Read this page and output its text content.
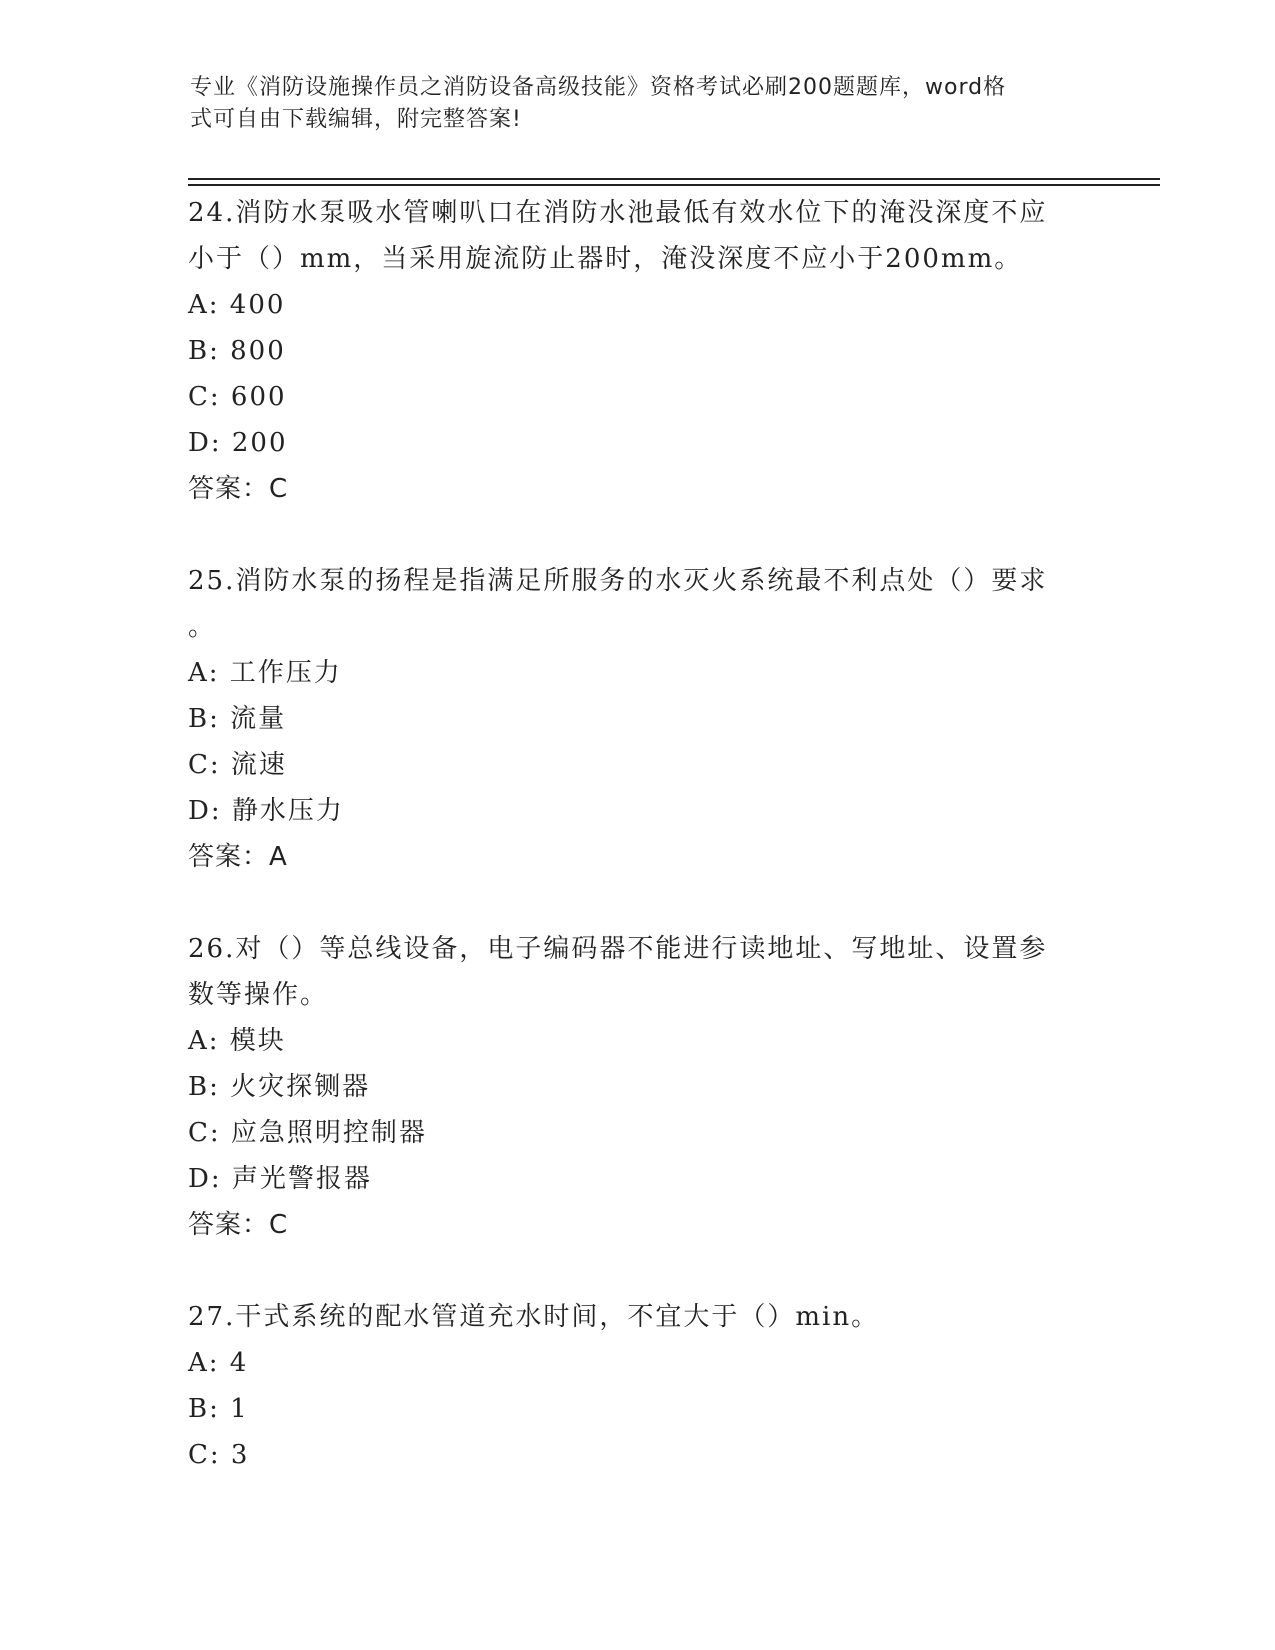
专业《消防设施操作员之消防设备高级技能》资格考试必刷200题题库，word格
式可自由下载编辑，附完整答案!
24.消防水泵吸水管喇叭口在消防水池最低有效水位下的淹没深度不应
小于（）mm，当采用旋流防止器时，淹没深度不应小于200mm。
A: 400
B: 800
C: 600
D: 200
答案：C
25.消防水泵的扬程是指满足所服务的水灭火系统最不利点处（）要求
。
A: 工作压力
B: 流量
C: 流速
D: 静水压力
答案：A
26.对（）等总线设备，电子编码器不能进行读地址、写地址、设置参
数等操作。
A: 模块
B: 火灾探铡器
C: 应急照明控制器
D: 声光警报器
答案：C
27.干式系统的配水管道充水时间，不宜大于（）min。
A: 4
B: 1
C: 3
